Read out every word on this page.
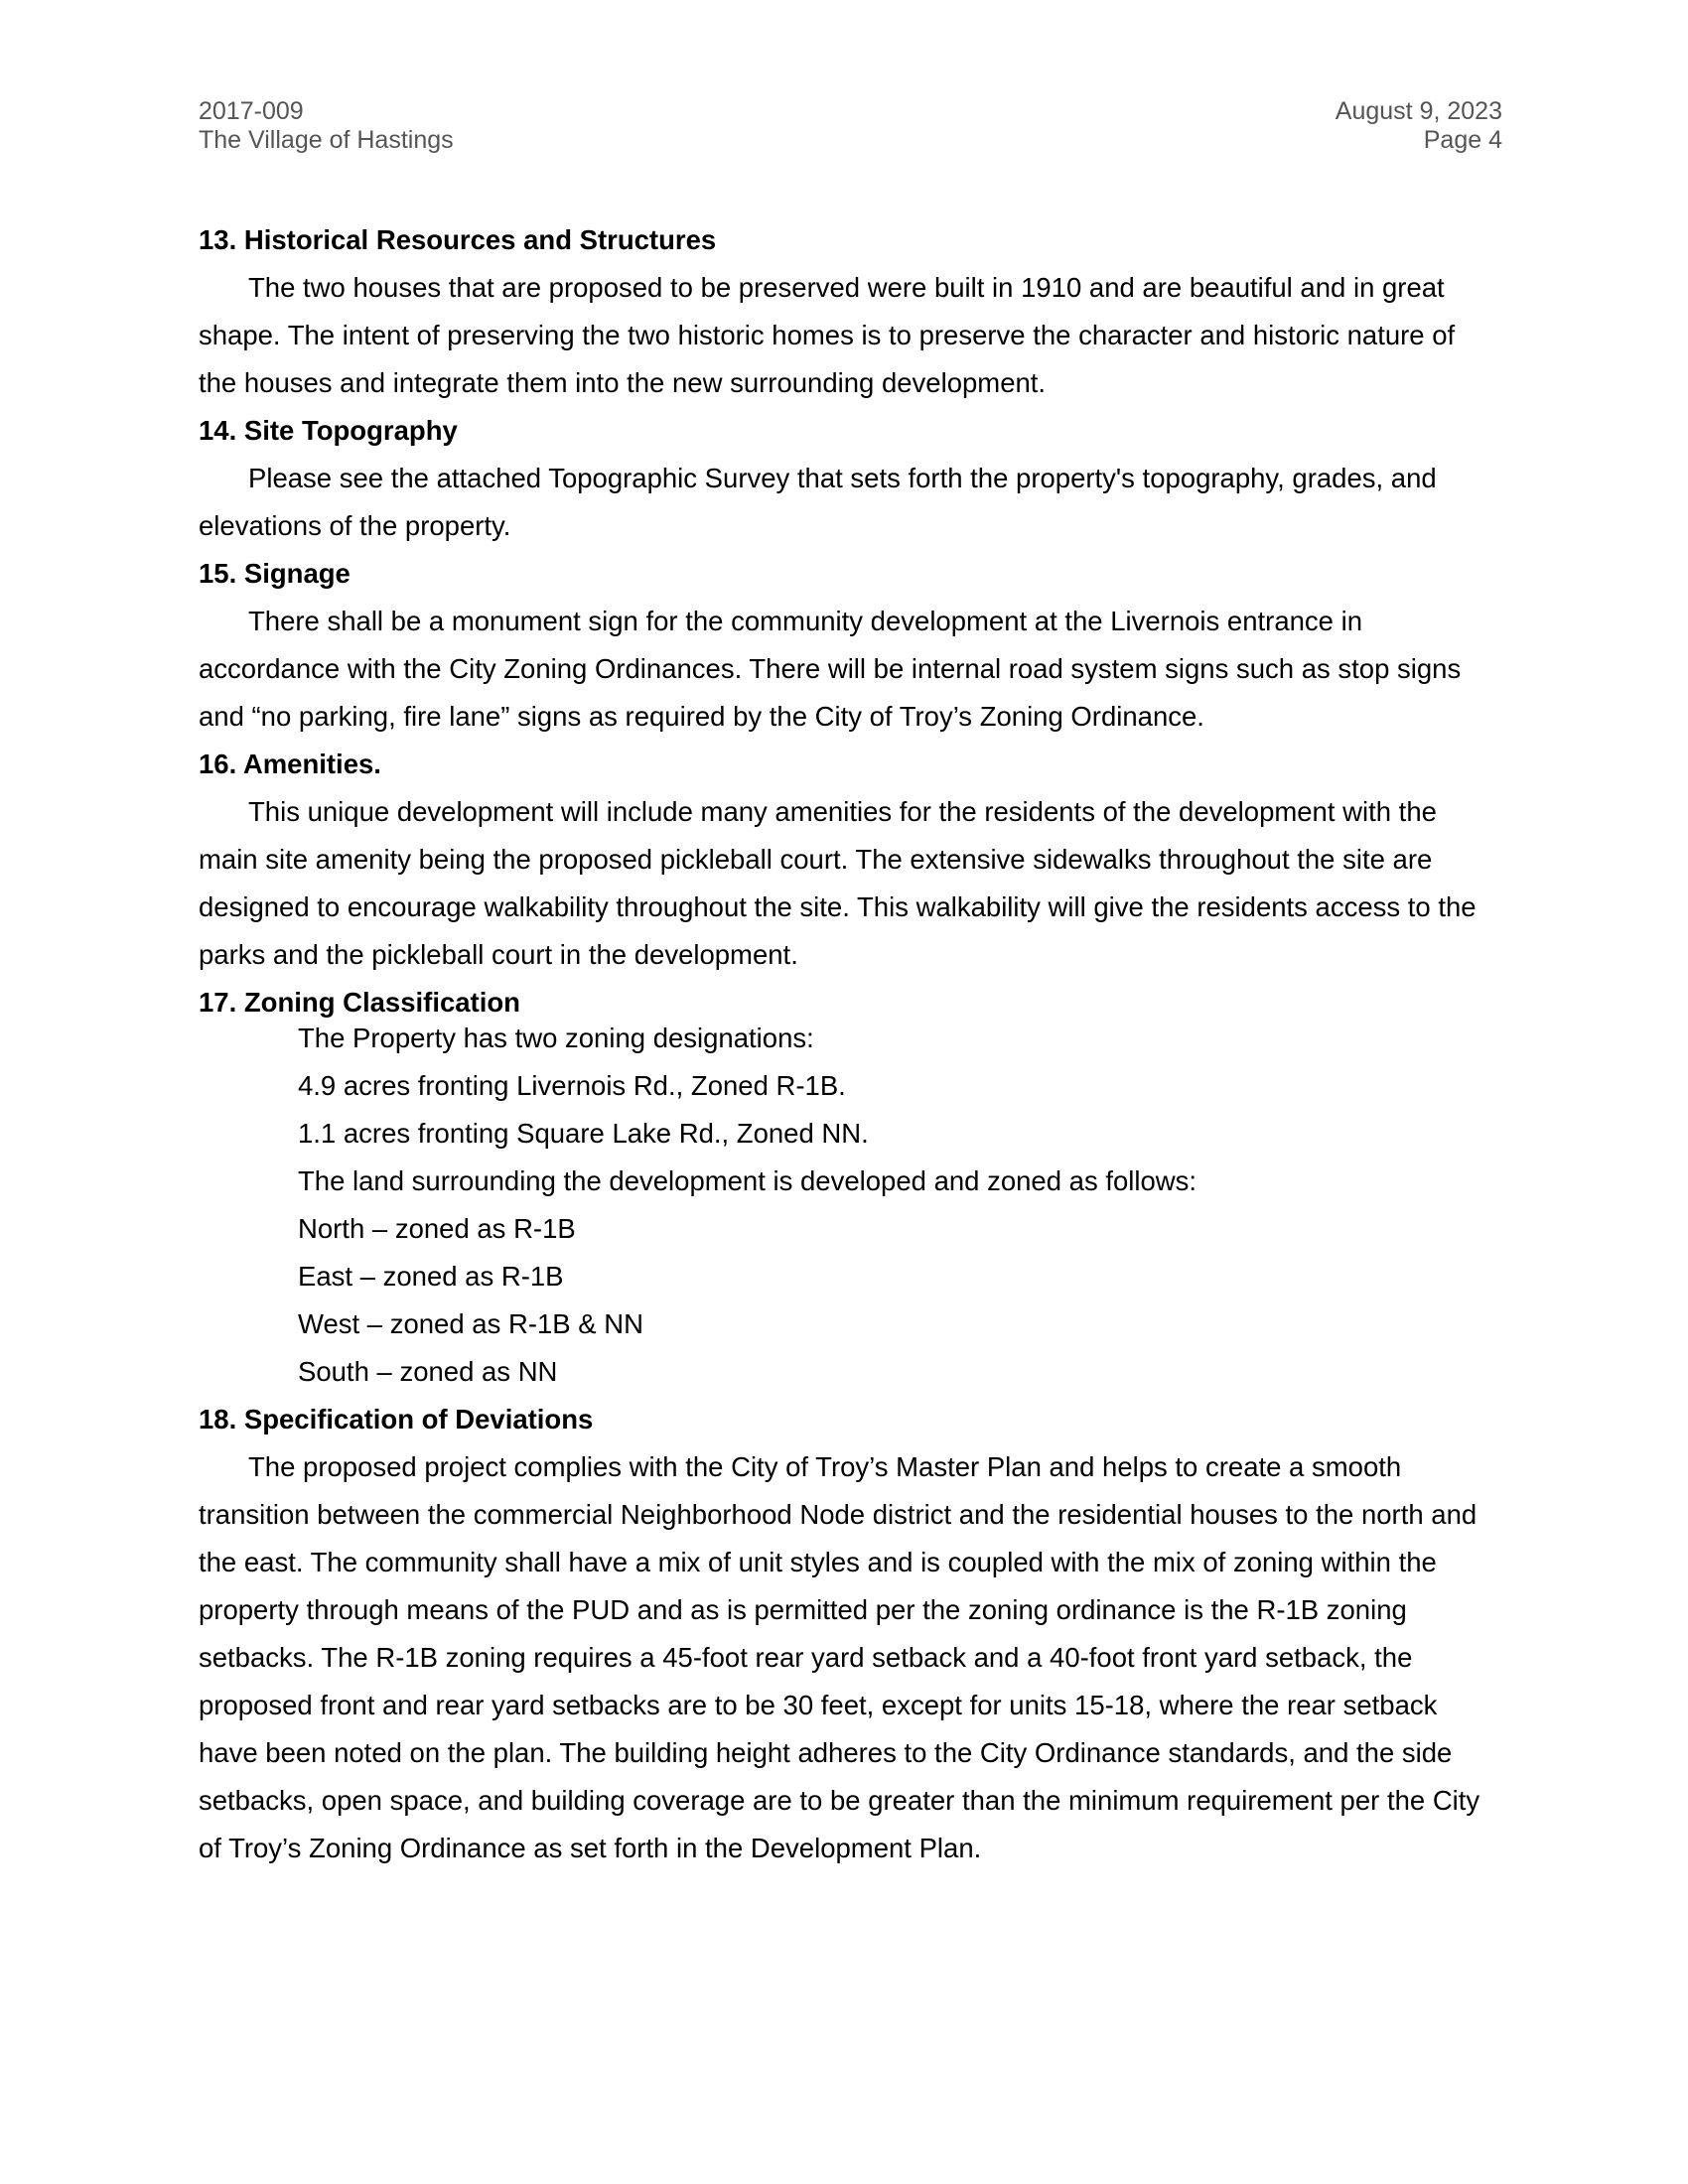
2017-009
The Village of Hastings
August 9, 2023
Page 4

13. Historical Resources and Structures

The two houses that are proposed to be preserved were built in 1910 and are beautiful and in great shape. The intent of preserving the two historic homes is to preserve the character and historic nature of the houses and integrate them into the new surrounding development.

14. Site Topography

Please see the attached Topographic Survey that sets forth the property's topography, grades, and elevations of the property.

15. Signage

There shall be a monument sign for the community development at the Livernois entrance in accordance with the City Zoning Ordinances. There will be internal road system signs such as stop signs and “no parking, fire lane” signs as required by the City of Troy’s Zoning Ordinance.

16. Amenities.

This unique development will include many amenities for the residents of the development with the main site amenity being the proposed pickleball court. The extensive sidewalks throughout the site are designed to encourage walkability throughout the site. This walkability will give the residents access to the parks and the pickleball court in the development.

17. Zoning Classification

The Property has two zoning designations:
4.9 acres fronting Livernois Rd., Zoned R-1B.
1.1 acres fronting Square Lake Rd., Zoned NN.
The land surrounding the development is developed and zoned as follows:
North – zoned as R-1B
East – zoned as R-1B
West – zoned as R-1B & NN
South – zoned as NN

18. Specification of Deviations

The proposed project complies with the City of Troy’s Master Plan and helps to create a smooth transition between the commercial Neighborhood Node district and the residential houses to the north and the east. The community shall have a mix of unit styles and is coupled with the mix of zoning within the property through means of the PUD and as is permitted per the zoning ordinance is the R-1B zoning setbacks. The R-1B zoning requires a 45-foot rear yard setback and a 40-foot front yard setback, the proposed front and rear yard setbacks are to be 30 feet, except for units 15-18, where the rear setback have been noted on the plan. The building height adheres to the City Ordinance standards, and the side setbacks, open space, and building coverage are to be greater than the minimum requirement per the City of Troy’s Zoning Ordinance as set forth in the Development Plan.
